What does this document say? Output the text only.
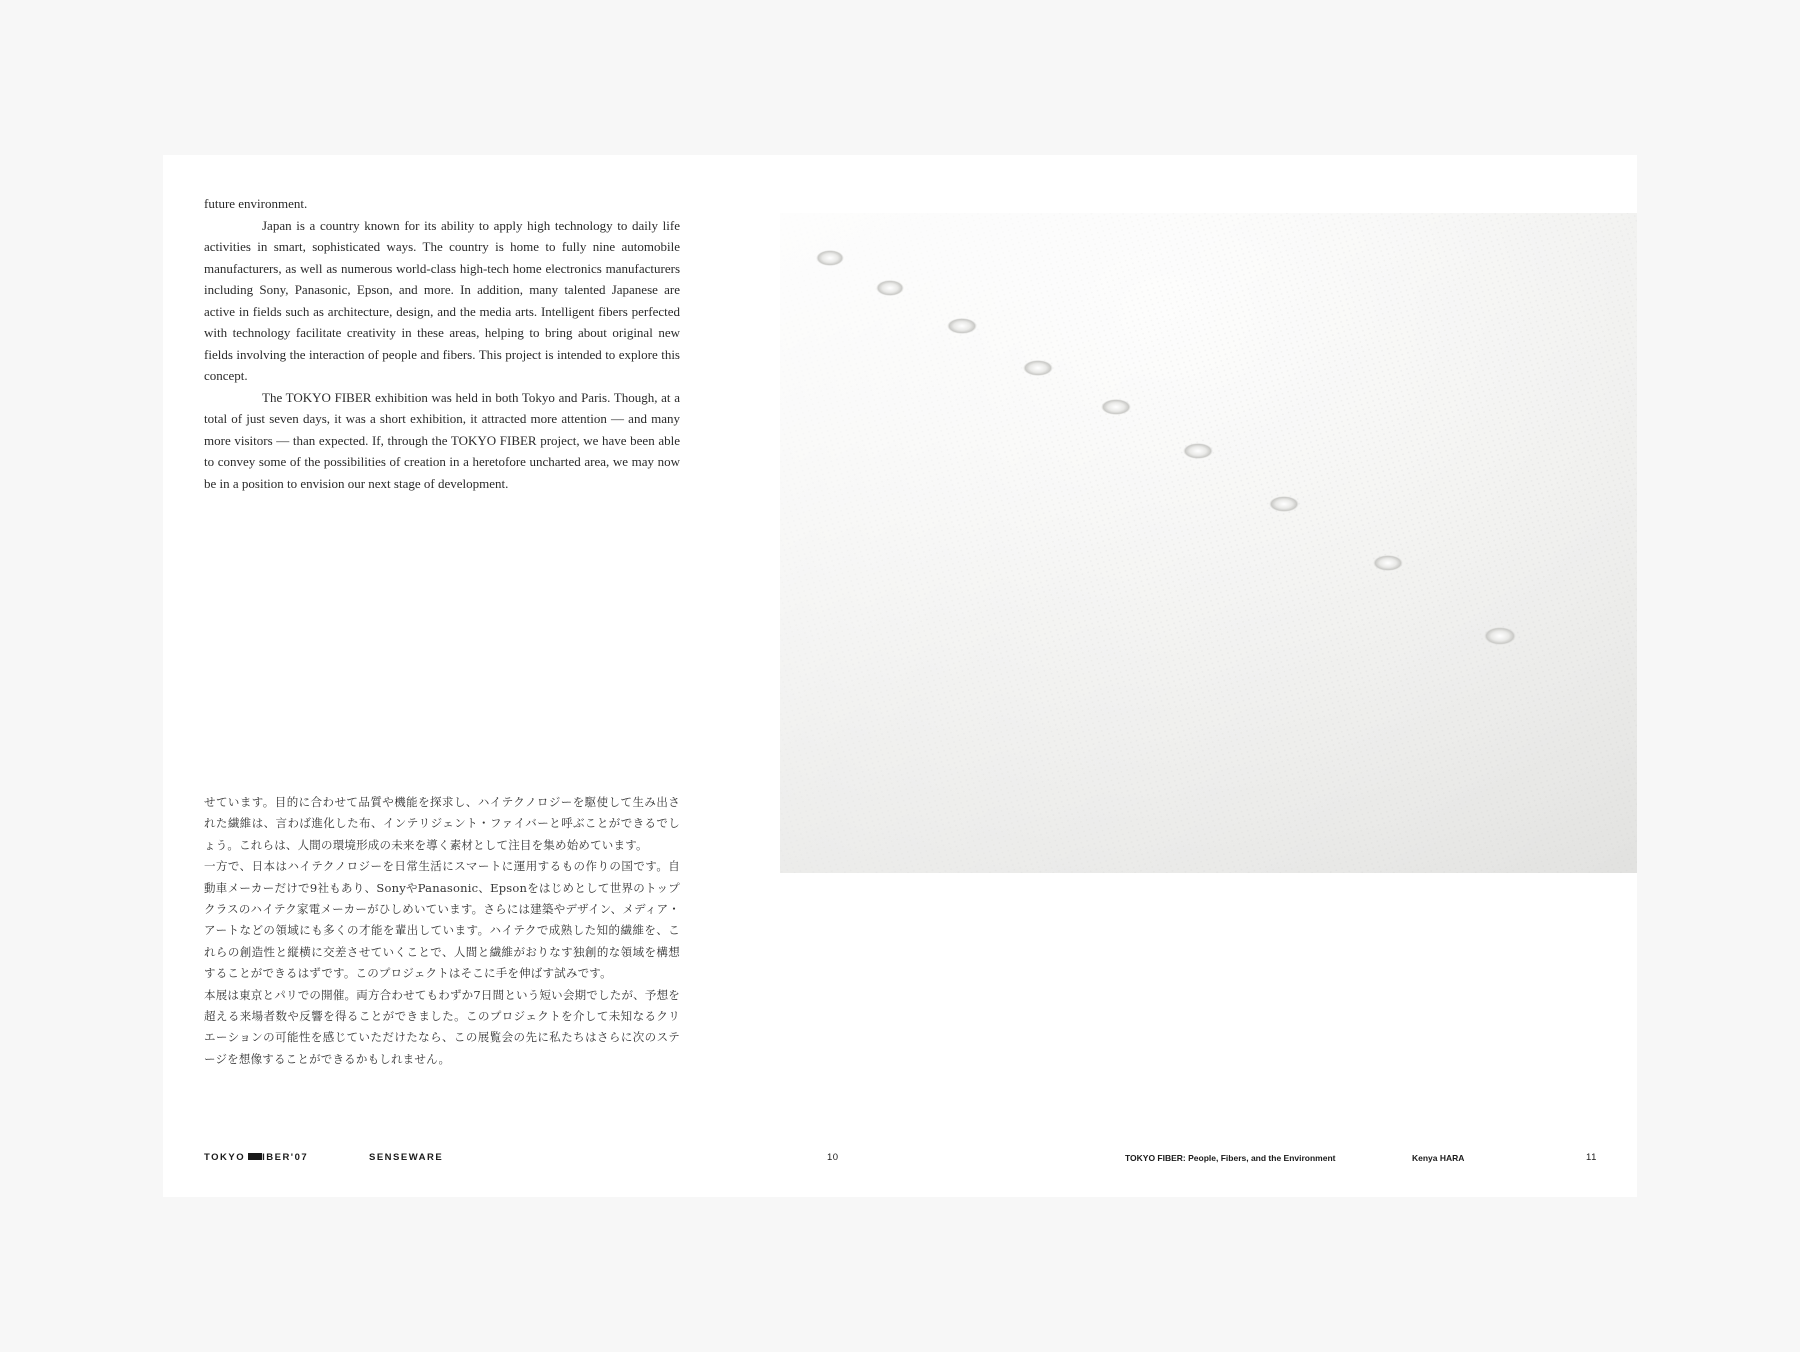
future environment.

Japan is a country known for its ability to apply high technology to daily life activities in smart, sophisticated ways. The country is home to fully nine automobile manufacturers, as well as numerous world-class high-tech home electronics manufacturers including Sony, Panasonic, Epson, and more. In addition, many talented Japanese are active in fields such as architecture, design, and the media arts. Intelligent fibers perfected with technology facilitate creativity in these areas, helping to bring about original new fields involving the interaction of people and fibers. This project is intended to explore this concept.

The TOKYO FIBER exhibition was held in both Tokyo and Paris. Though, at a total of just seven days, it was a short exhibition, it attracted more attention — and many more visitors — than expected. If, through the TOKYO FIBER project, we have been able to convey some of the possibilities of creation in a heretofore uncharted area, we may now be in a position to envision our next stage of development.

せています。目的に合わせて品質や機能を探求し、ハイテクノロジーを駆使して生み出された繊維は、言わば進化した布、インテリジェント・ファイバーと呼ぶことができるでしょう。これらは、人間の環境形成の未来を導く素材として注目を集め始めています。

一方で、日本はハイテクノロジーを日常生活にスマートに運用するもの作りの国です。自動車メーカーだけで9社もあり、SonyやPanasonic、Epsonをはじめとして世界のトップクラスのハイテク家電メーカーがひしめいています。さらには建築やデザイン、メディア・アートなどの領域にも多くの才能を輩出しています。ハイテクで成熟した知的繊維を、これらの創造性と縦横に交差させていくことで、人間と繊維がおりなす独創的な領域を構想することができるはずです。このプロジェクトはそこに手を伸ばす試みです。

本展は東京とパリでの開催。両方合わせてもわずか7日間という短い会期でしたが、予想を超える来場者数や反響を得ることができました。このプロジェクトを介して未知なるクリエーションの可能性を感じていただけたなら、この展覧会の先に私たちはさらに次のステージを想像することができるかもしれません。

TOKYO IBER'07	SENSEWARE	10	TOKYO FIBER: People, Fibers, and the Environment	Kenya HARA	11
